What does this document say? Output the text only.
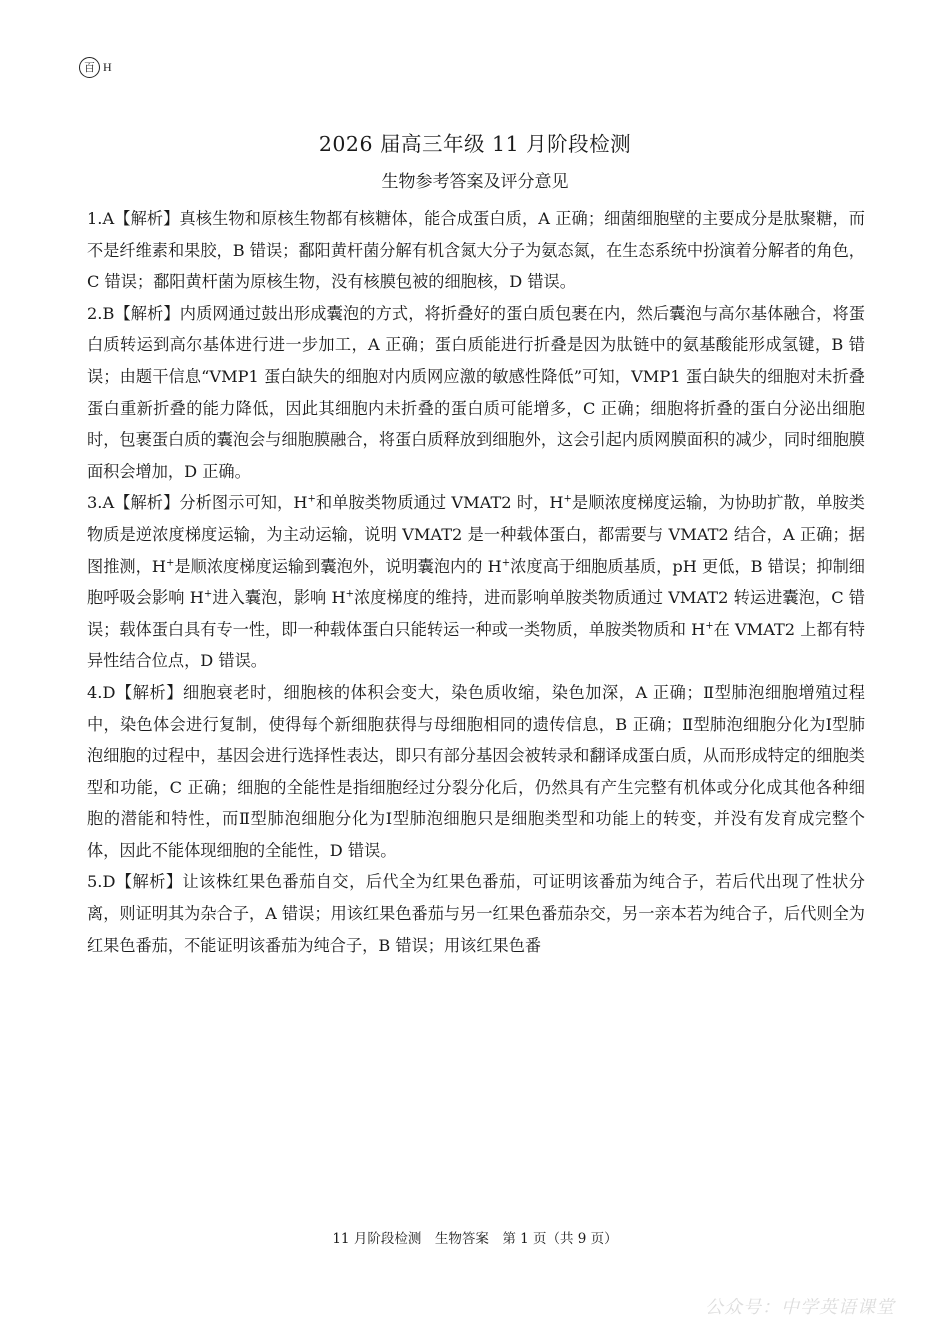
百 H
2026 届高三年级 11 月阶段检测
生物参考答案及评分意见

1.A【解析】真核生物和原核生物都有核糖体，能合成蛋白质，A 正确；细菌细胞壁的主要成分是肽聚糖，而不是纤维素和果胶，B 错误；鄱阳黄杆菌分解有机含氮大分子为氨态氮，在生态系统中扮演着分解者的角色，C 错误；鄱阳黄杆菌为原核生物，没有核膜包被的细胞核，D 错误。

2.B【解析】内质网通过鼓出形成囊泡的方式，将折叠好的蛋白质包裹在内，然后囊泡与高尔基体融合，将蛋白质转运到高尔基体进行进一步加工，A 正确；蛋白质能进行折叠是因为肽链中的氨基酸能形成氢键，B 错误；由题干信息“VMP1 蛋白缺失的细胞对内质网应激的敏感性降低”可知，VMP1 蛋白缺失的细胞对未折叠蛋白重新折叠的能力降低，因此其细胞内未折叠的蛋白质可能增多，C 正确；细胞将折叠的蛋白分泌出细胞时，包裹蛋白质的囊泡会与细胞膜融合，将蛋白质释放到细胞外，这会引起内质网膜面积的减少，同时细胞膜面积会增加，D 正确。

3.A【解析】分析图示可知，H+和单胺类物质通过 VMAT2 时，H+是顺浓度梯度运输，为协助扩散，单胺类物质是逆浓度梯度运输，为主动运输，说明 VMAT2 是一种载体蛋白，都需要与 VMAT2 结合，A 正确；据图推测，H+是顺浓度梯度运输到囊泡外，说明囊泡内的 H+浓度高于细胞质基质，pH 更低，B 错误；抑制细胞呼吸会影响 H+进入囊泡，影响 H+浓度梯度的维持，进而影响单胺类物质通过 VMAT2 转运进囊泡，C 错误；载体蛋白具有专一性，即一种载体蛋白只能转运一种或一类物质，单胺类物质和 H+在 VMAT2 上都有特异性结合位点，D 错误。

4.D【解析】细胞衰老时，细胞核的体积会变大，染色质收缩，染色加深，A 正确；Ⅱ型肺泡细胞增殖过程中，染色体会进行复制，使得每个新细胞获得与母细胞相同的遗传信息，B 正确；Ⅱ型肺泡细胞分化为Ⅰ型肺泡细胞的过程中，基因会进行选择性表达，即只有部分基因会被转录和翻译成蛋白质，从而形成特定的细胞类型和功能，C 正确；细胞的全能性是指细胞经过分裂分化后，仍然具有产生完整有机体或分化成其他各种细胞的潜能和特性，而Ⅱ型肺泡细胞分化为Ⅰ型肺泡细胞只是细胞类型和功能上的转变，并没有发育成完整个体，因此不能体现细胞的全能性，D 错误。

5.D【解析】让该株红果色番茄自交，后代全为红果色番茄，可证明该番茄为纯合子，若后代出现了性状分离，则证明其为杂合子，A 错误；用该红果色番茄与另一红果色番茄杂交，另一亲本若为纯合子，后代则全为红果色番茄，不能证明该番茄为纯合子，B 错误；用该红果色番

11 月阶段检测　生物答案　第 1 页（共 9 页）
公众号：中学英语课堂
